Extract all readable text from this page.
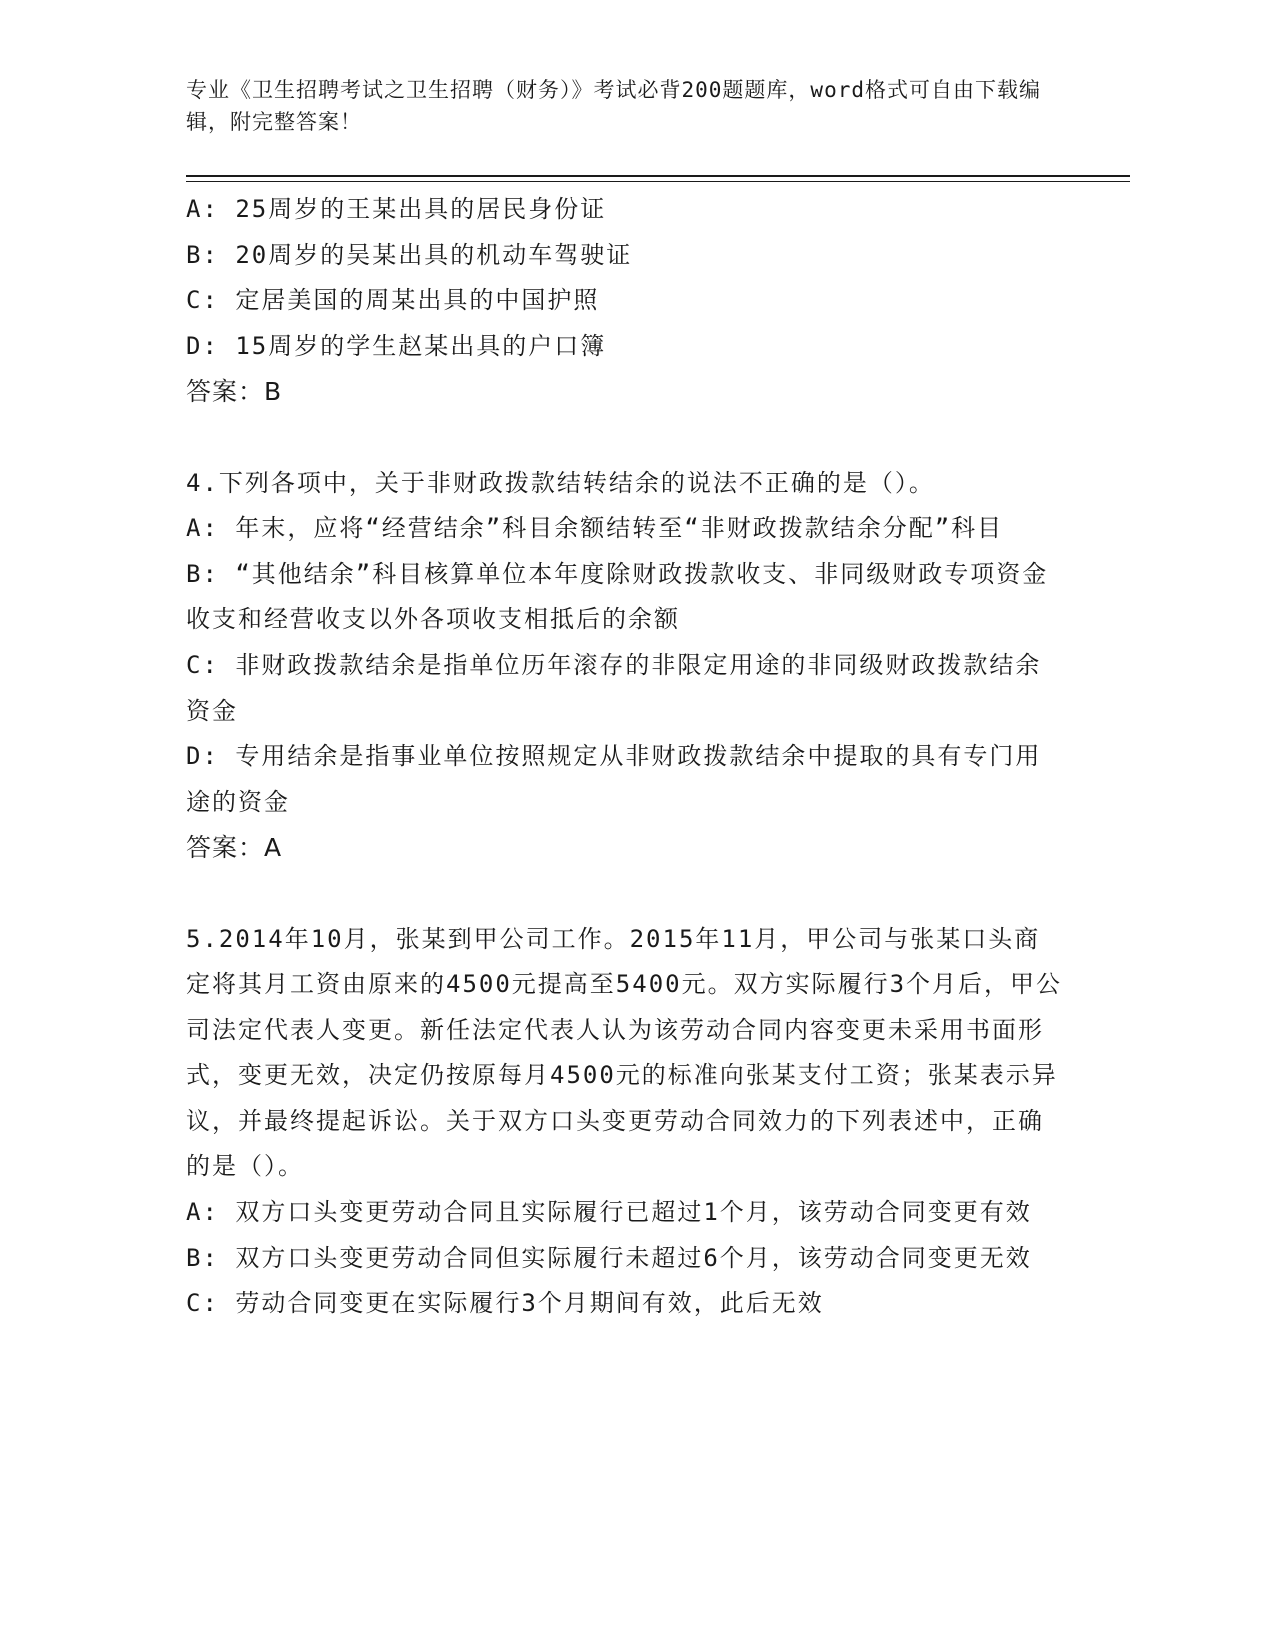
专业《卫生招聘考试之卫生招聘（财务）》考试必背200题题库，word格式可自由下载编辑，附完整答案！

A: 25周岁的王某出具的居民身份证

B: 20周岁的吴某出具的机动车驾驶证

C: 定居美国的周某出具的中国护照

D: 15周岁的学生赵某出具的户口簿

答案：B

4.下列各项中，关于非财政拨款结转结余的说法不正确的是（）。

A: 年末，应将“经营结余”科目余额结转至“非财政拨款结余分配”科目

B: “其他结余”科目核算单位本年度除财政拨款收支、非同级财政专项资金收支和经营收支以外各项收支相抵后的余额

C: 非财政拨款结余是指单位历年滚存的非限定用途的非同级财政拨款结余资金

D: 专用结余是指事业单位按照规定从非财政拨款结余中提取的具有专门用途的资金

答案：A

5.2014年10月，张某到甲公司工作。2015年11月，甲公司与张某口头商定将其月工资由原来的4500元提高至5400元。双方实际履行3个月后，甲公司法定代表人变更。新任法定代表人认为该劳动合同内容变更未采用书面形式，变更无效，决定仍按原每月4500元的标准向张某支付工资；张某表示异议，并最终提起诉讼。关于双方口头变更劳动合同效力的下列表述中，正确的是（）。

A: 双方口头变更劳动合同且实际履行已超过1个月，该劳动合同变更有效

B: 双方口头变更劳动合同但实际履行未超过6个月，该劳动合同变更无效

C: 劳动合同变更在实际履行3个月期间有效，此后无效
